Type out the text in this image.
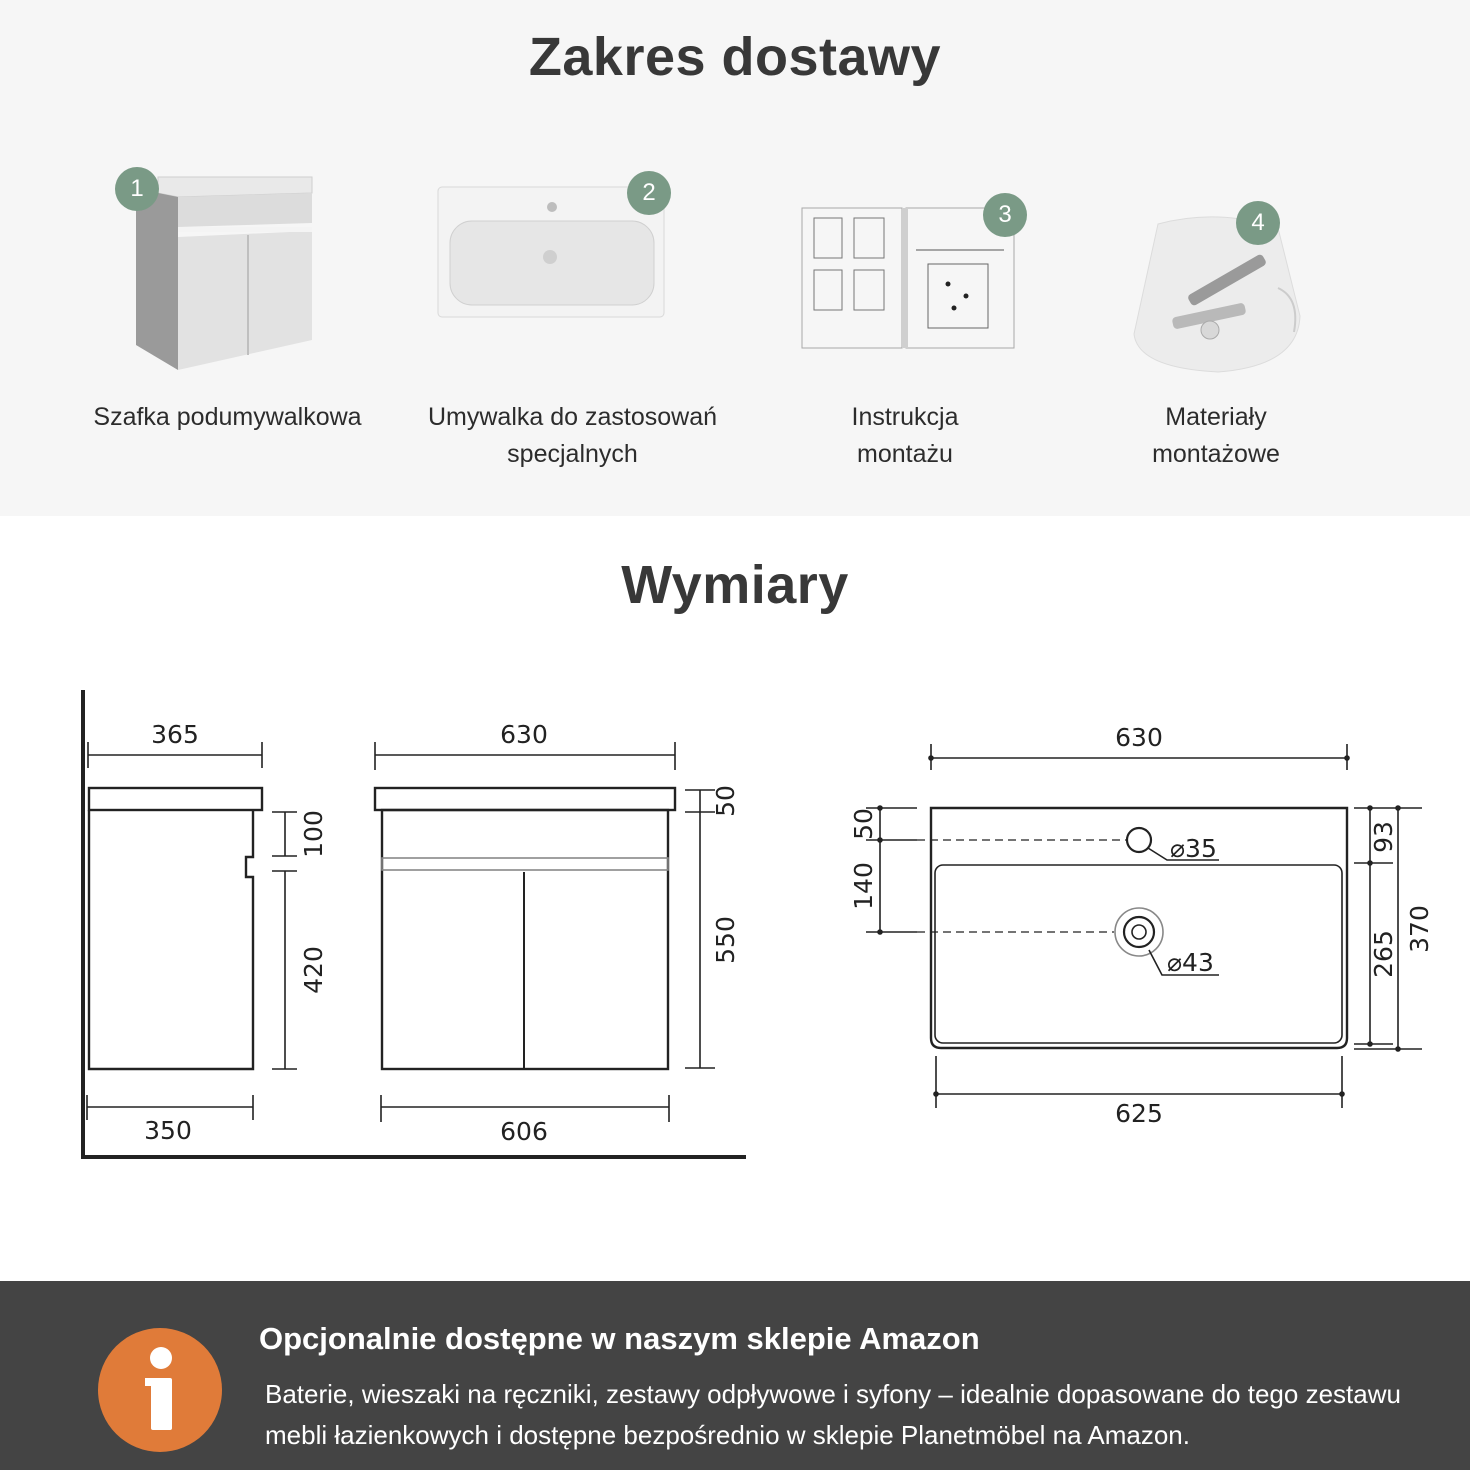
Zakres dostawy
1
Szafka podumywalkowa
2
Umywalka do zastosowań
specjalnych
3
Instrukcja
montażu
4
Materiały
montażowe
Wymiary
365
350
100
420
630
606
50
550
630
625
⌀35
⌀43
50
140
93
265
370
Opcjonalnie dostępne w naszym sklepie Amazon

Baterie, wieszaki na ręczniki, zestawy odpływowe i syfony – idealnie dopasowane do tego zestawu mebli łazienkowych i dostępne bezpośrednio w sklepie Planetmöbel na Amazon.
